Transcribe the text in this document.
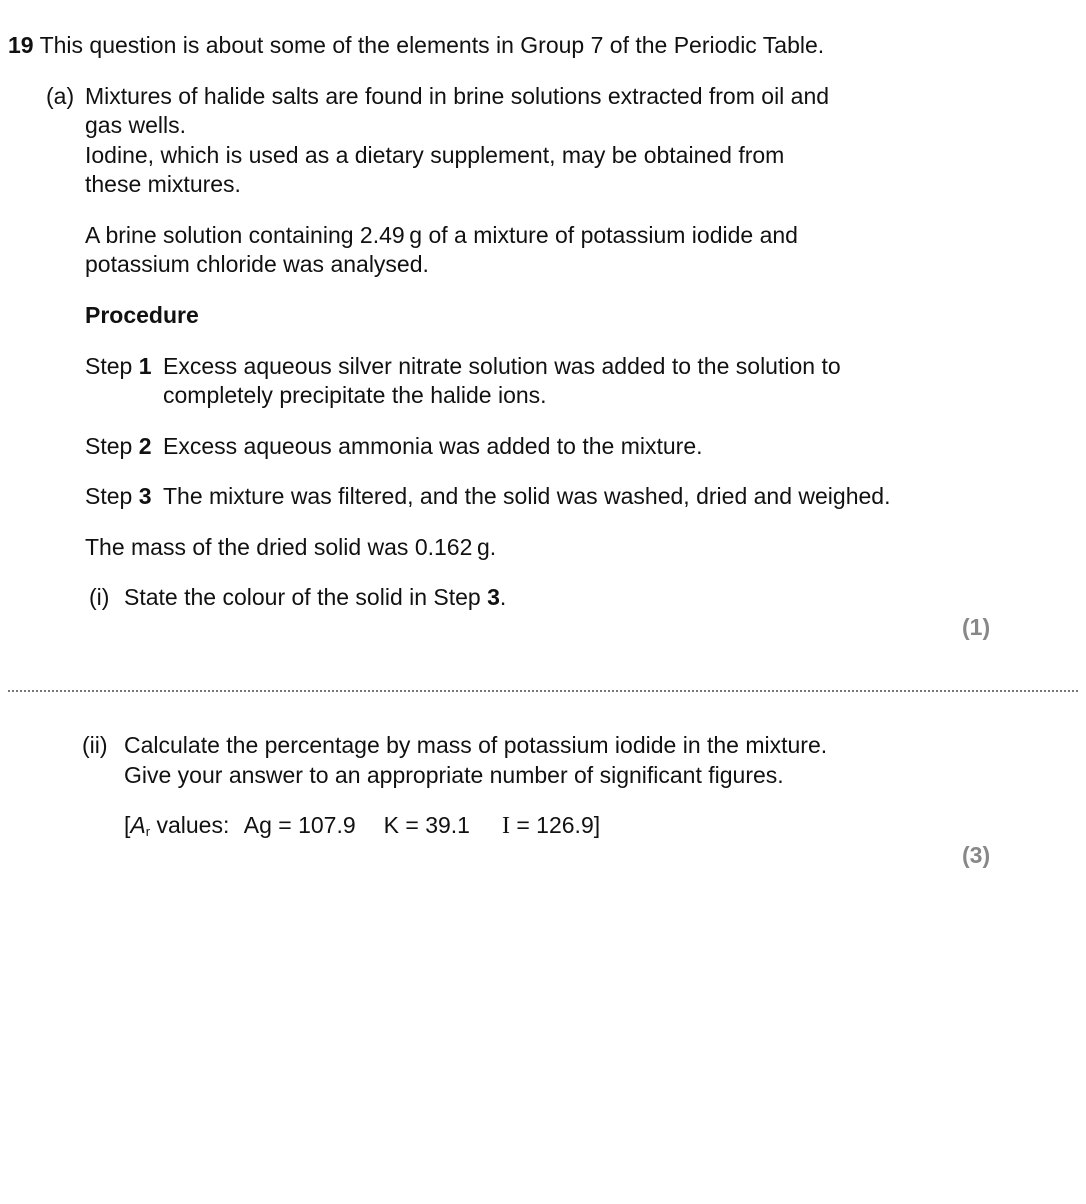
19 This question is about some of the elements in Group 7 of the Periodic Table.
(a) Mixtures of halide salts are found in brine solutions extracted from oil and
gas wells.
Iodine, which is used as a dietary supplement, may be obtained from
these mixtures.
A brine solution containing 2.49 g of a mixture of potassium iodide and
potassium chloride was analysed.
Procedure
Step 1 Excess aqueous silver nitrate solution was added to the solution to
completely precipitate the halide ions.
Step 2 Excess aqueous ammonia was added to the mixture.
Step 3 The mixture was filtered, and the solid was washed, dried and weighed.
The mass of the dried solid was 0.162 g.
(i) State the colour of the solid in Step 3.
(1)
(ii) Calculate the percentage by mass of potassium iodide in the mixture.
Give your answer to an appropriate number of significant figures.
[$A_r$ values: Ag = 107.9 K = 39.1 I = 126.9]
(3)
